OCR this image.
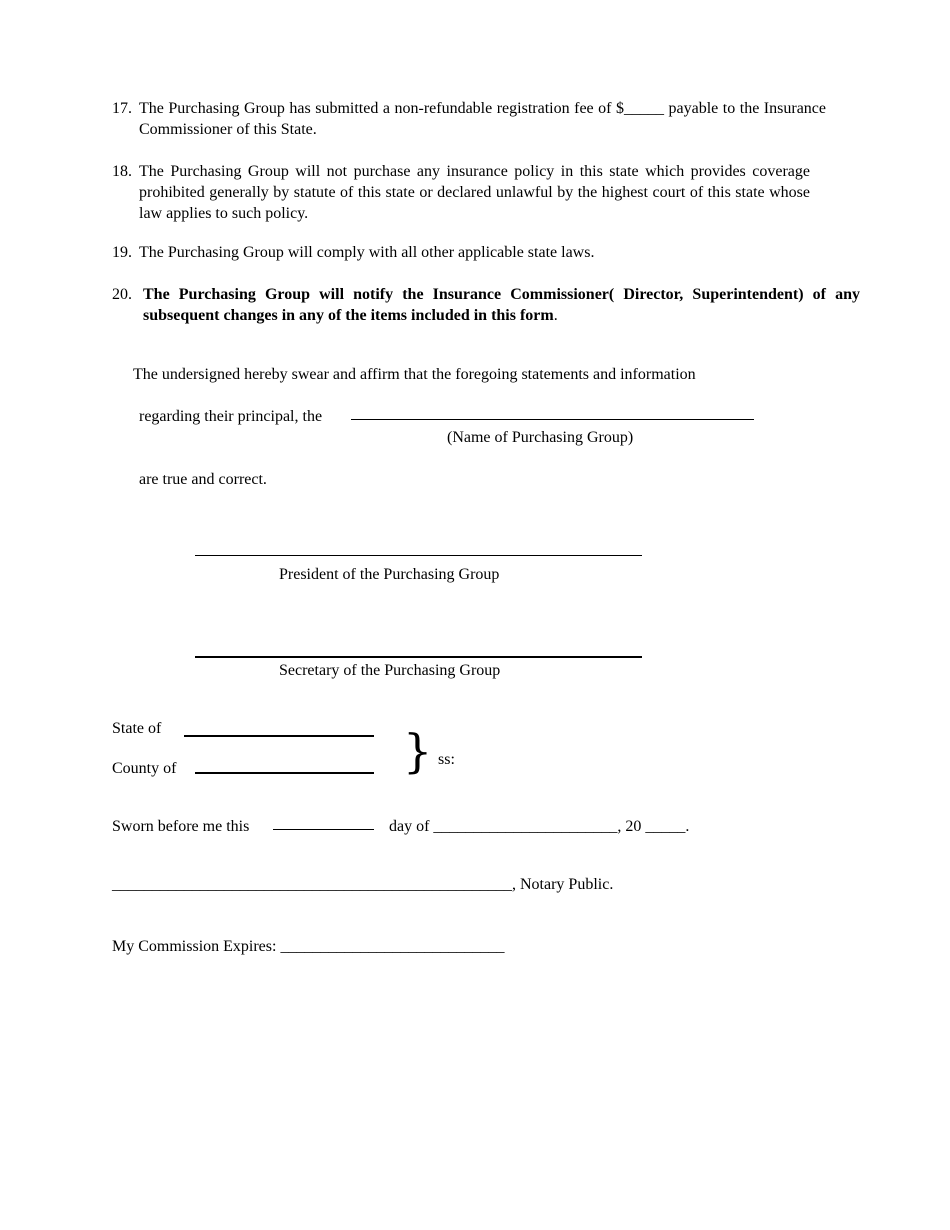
17. The Purchasing Group has submitted a non-refundable registration fee of $_____ payable to the Insurance Commissioner of this State.
18. The Purchasing Group will not purchase any insurance policy in this state which provides coverage prohibited generally by statute of this state or declared unlawful by the highest court of this state whose law applies to such policy.
19. The Purchasing Group will comply with all other applicable state laws.
20. The Purchasing Group will notify the Insurance Commissioner( Director, Superintendent) of any subsequent changes in any of the items included in this form.
The undersigned hereby swear and affirm that the foregoing statements and information
regarding their principal, the
(Name of Purchasing Group)
are true and correct.
President of the Purchasing Group
Secretary of the Purchasing Group
State of
County of	} ss:
Sworn before me this	day of _______________________, 20 _____.
__________________________________________________, Notary Public.
My Commission Expires: ____________________________
